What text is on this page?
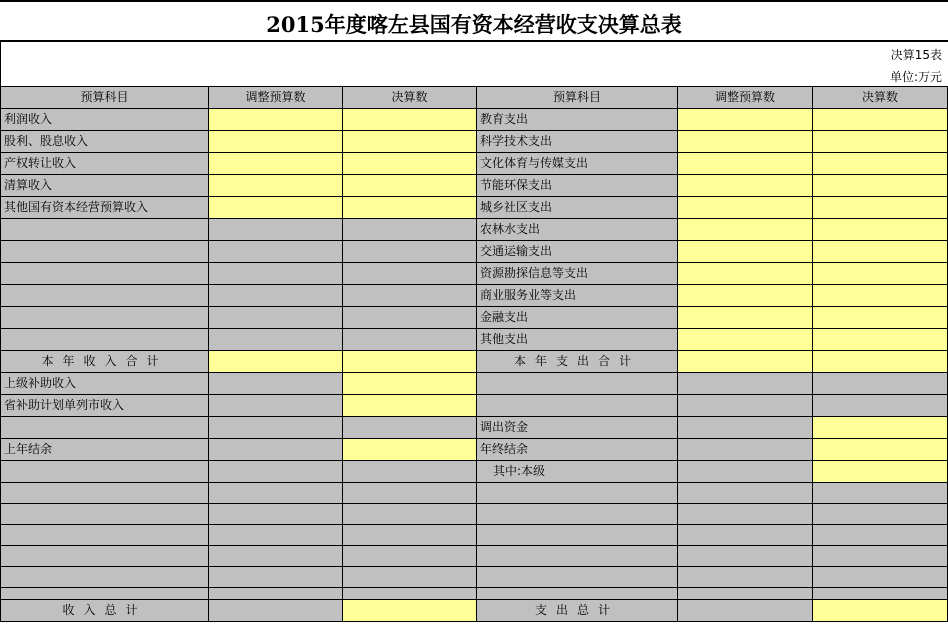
2015年度喀左县国有资本经营收支决算总表
决算15表
单位:万元
预算科目	调整预算数	决算数	预算科目	调整预算数	决算数
利润收入			教育支出		
股利、股息收入			科学技术支出		
产权转让收入			文化体育与传媒支出		
清算收入			节能环保支出		
其他国有资本经营预算收入			城乡社区支出		
			农林水支出		
			交通运输支出		
			资源勘探信息等支出		
			商业服务业等支出		
			金融支出		
			其他支出		
本年收入合计			本年支出合计		
上级补助收入					
省补助计划单列市收入					
			调出资金		
上年结余			年终结余		
			其中:本级		

收入总计			支出总计		
